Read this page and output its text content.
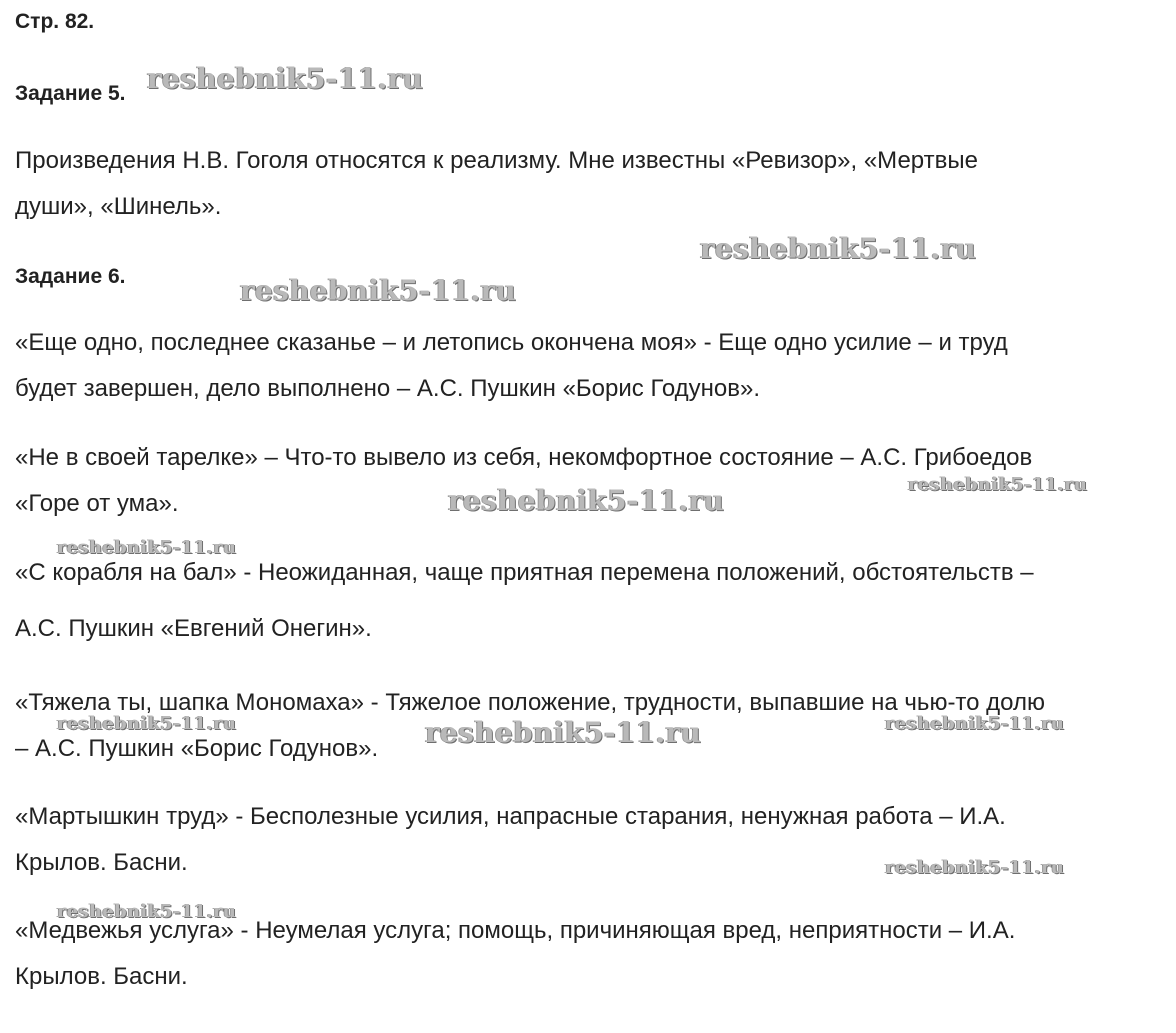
Стр. 82.
Задание 5.
Произведения Н.В. Гоголя относятся к реализму. Мне известны «Ревизор», «Мертвые
души», «Шинель».
Задание 6.
«Еще одно, последнее сказанье – и летопись окончена моя» - Еще одно усилие – и труд
будет завершен, дело выполнено – А.С. Пушкин «Борис Годунов».
«Не в своей тарелке» – Что-то вывело из себя, некомфортное состояние – А.С. Грибоедов
«Горе от ума».
«С корабля на бал» - Неожиданная, чаще приятная перемена положений, обстоятельств –
А.С. Пушкин «Евгений Онегин».
«Тяжела ты, шапка Мономаха» - Тяжелое положение, трудности, выпавшие на чью-то долю
– А.С. Пушкин «Борис Годунов».
«Мартышкин труд» - Бесполезные усилия, напрасные старания, ненужная работа – И.А.
Крылов. Басни.
«Медвежья услуга» - Неумелая услуга; помощь, причиняющая вред, неприятности – И.А.
Крылов. Басни.
reshebnik5-11.ru
reshebnik5-11.ru
reshebnik5-11.ru
reshebnik5-11.ru	reshebnik5-11.ru
reshebnik5-11.ru
reshebnik5-11.ru	reshebnik5-11.ru	reshebnik5-11.ru
reshebnik5-11.ru
reshebnik5-11.ru
